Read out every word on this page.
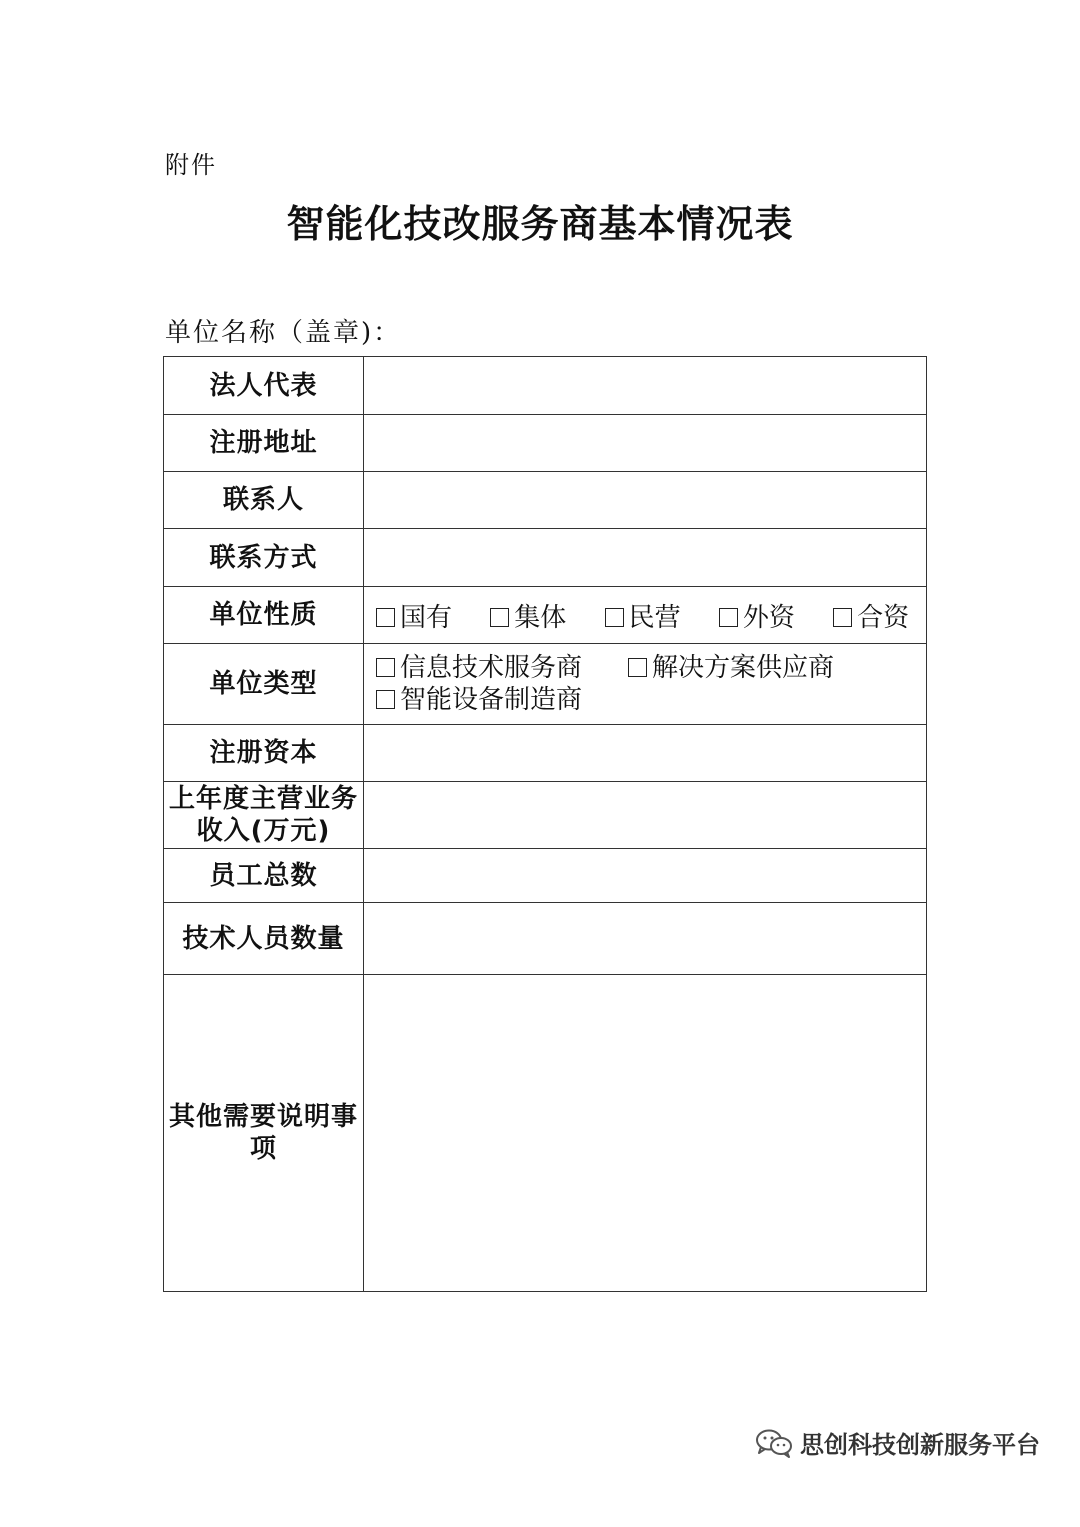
附件
智能化技改服务商基本情况表
单位名称（盖章)：
法人代表	
注册地址	
联系人	
联系方式	
单位性质	国有 集体 民营 外资 合资
单位类型	信息技术服务商 解决方案供应商
智能设备制造商

注册资本	
上年度主营业务收入(万元)	
员工总数	
技术人员数量	
其他需要说明事项	
思创科技创新服务平台
